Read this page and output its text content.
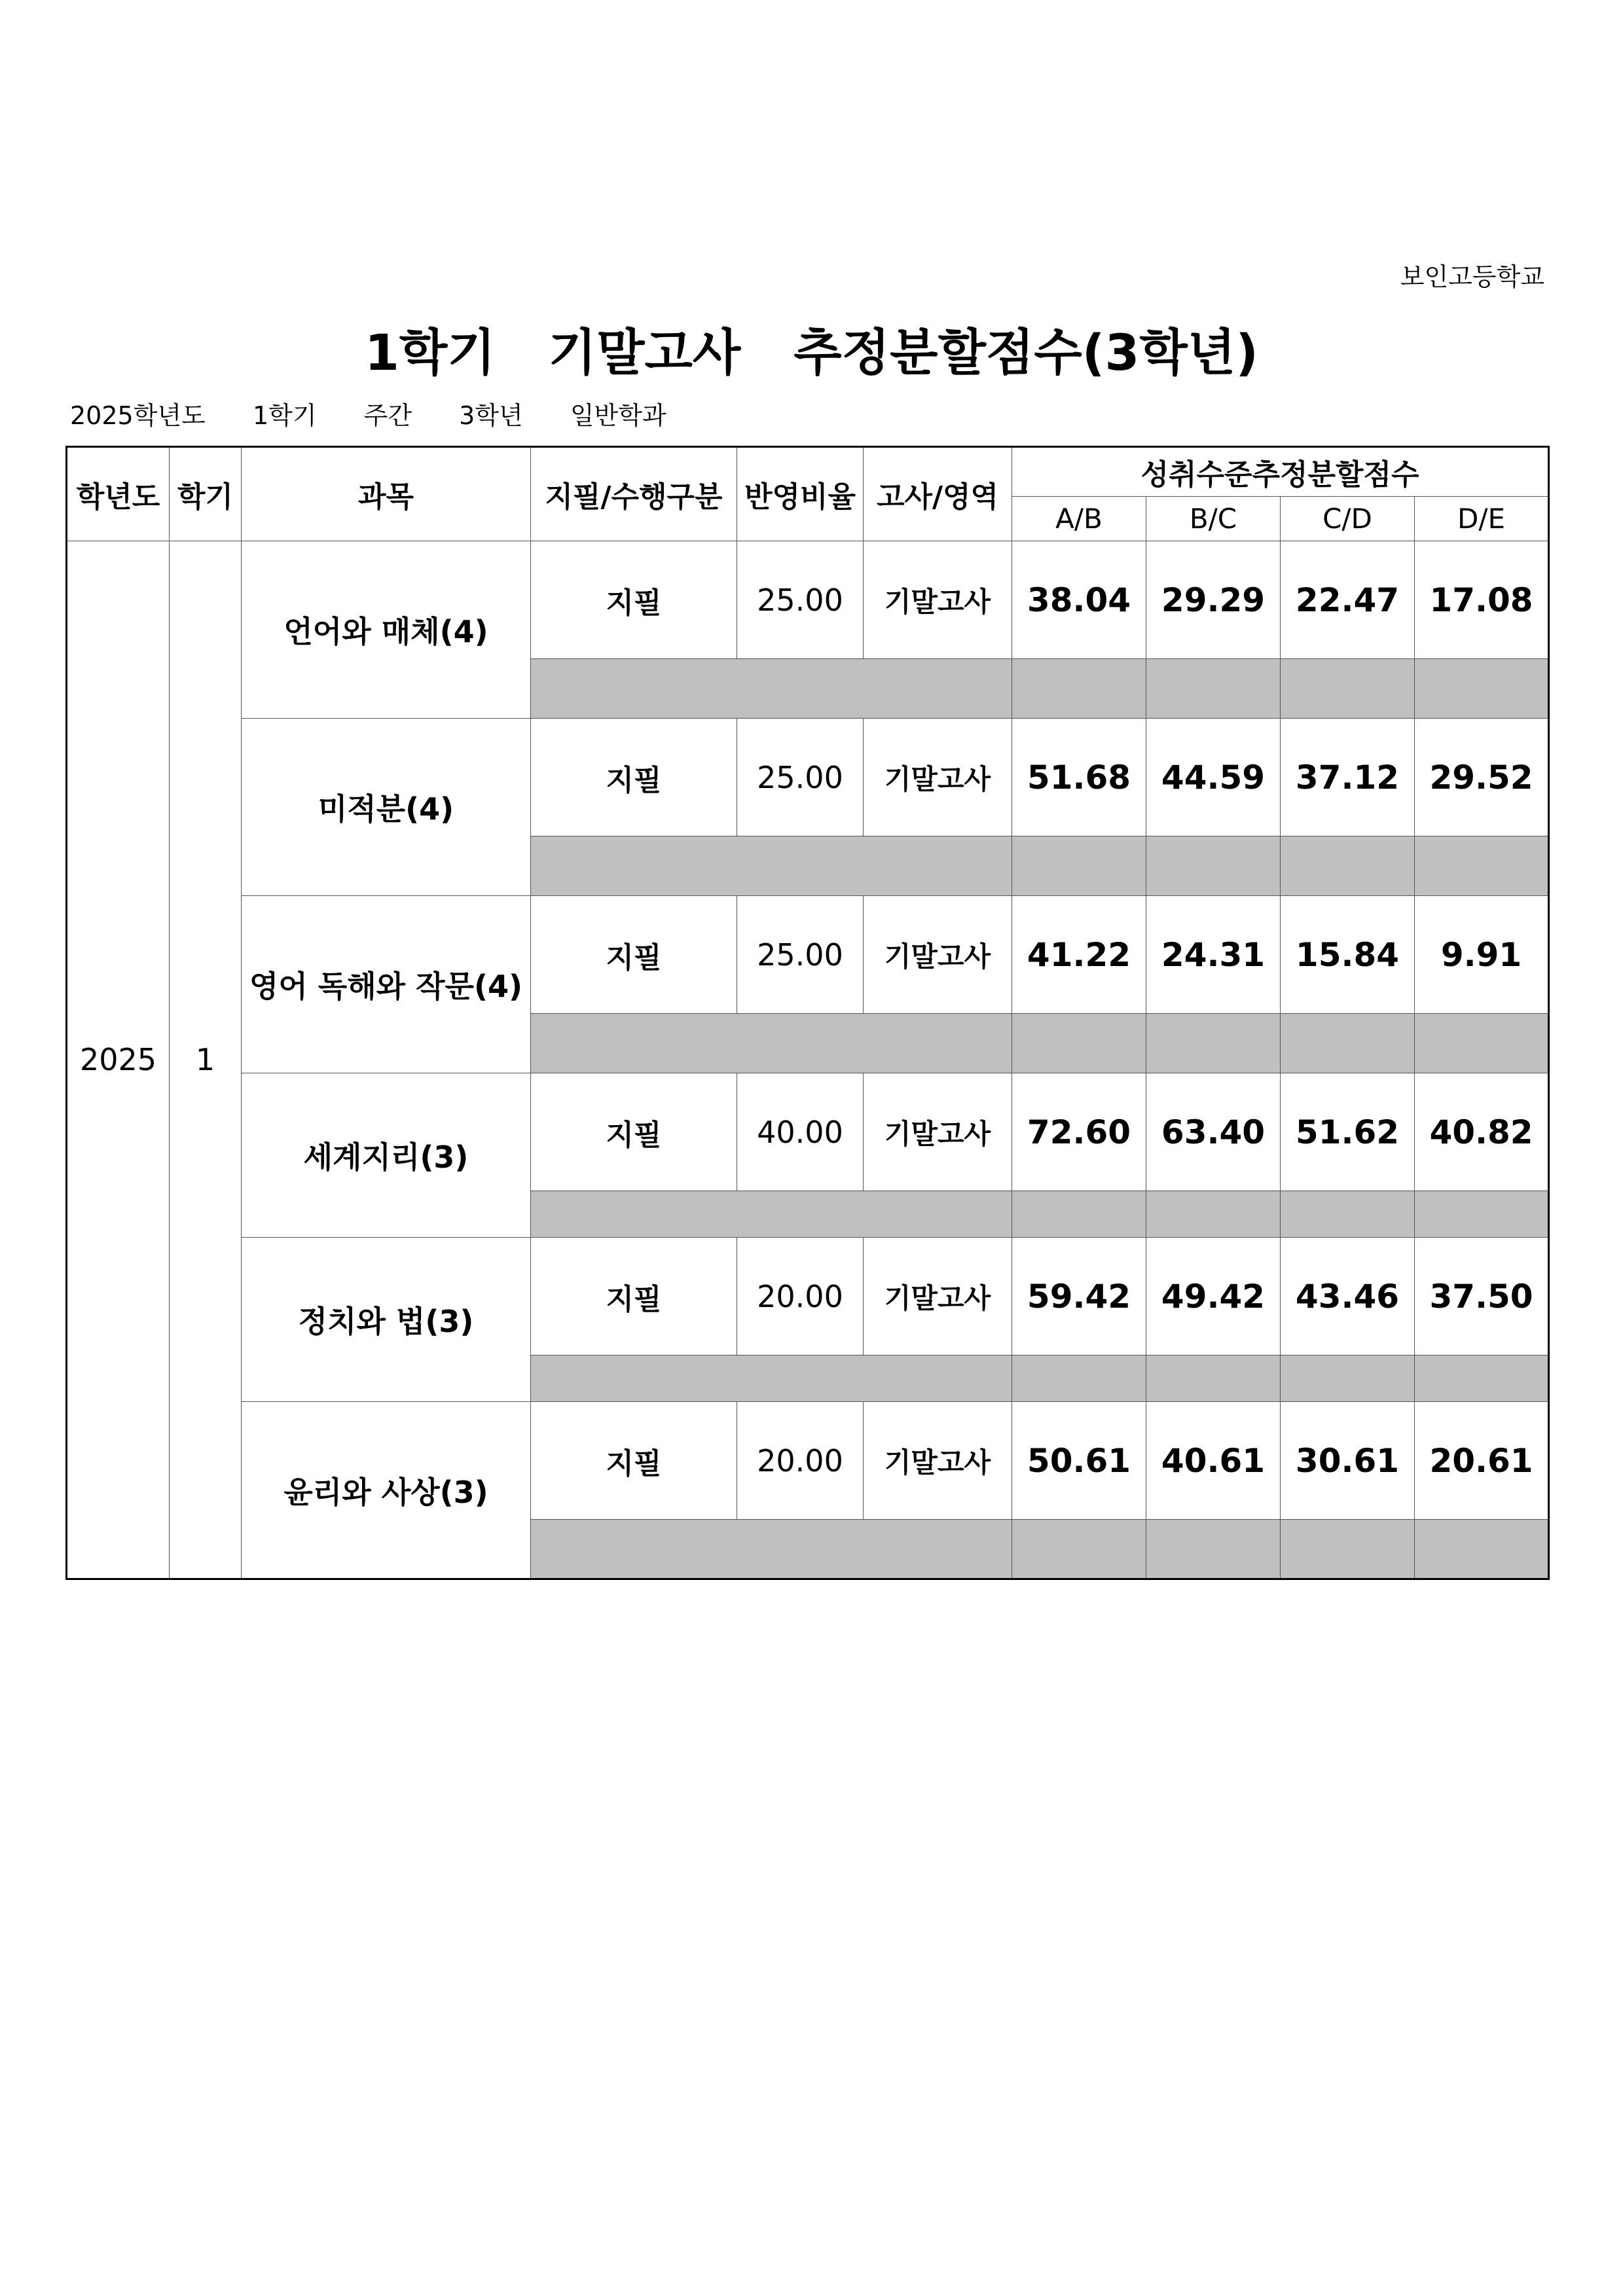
보인고등학교
1학기  기말고사  추정분할점수(3학년)
2025학년도 1학기 주간 3학년 일반학과
학년도	학기	과목	지필/수행구분	반영비율	고사/영역	성취수준추정분할점수			
						A/B	B/C	C/D	D/E
2025	1	언어와 매체(4)	지필	25.00	기말고사	38.04	29.29	22.47	17.08

		미적분(4)	지필	25.00	기말고사	51.68	44.59	37.12	29.52

		영어 독해와 작문(4)	지필	25.00	기말고사	41.22	24.31	15.84	9.91

		세계지리(3)	지필	40.00	기말고사	72.60	63.40	51.62	40.82

		정치와 법(3)	지필	20.00	기말고사	59.42	49.42	43.46	37.50

		윤리와 사상(3)	지필	20.00	기말고사	50.61	40.61	30.61	20.61
